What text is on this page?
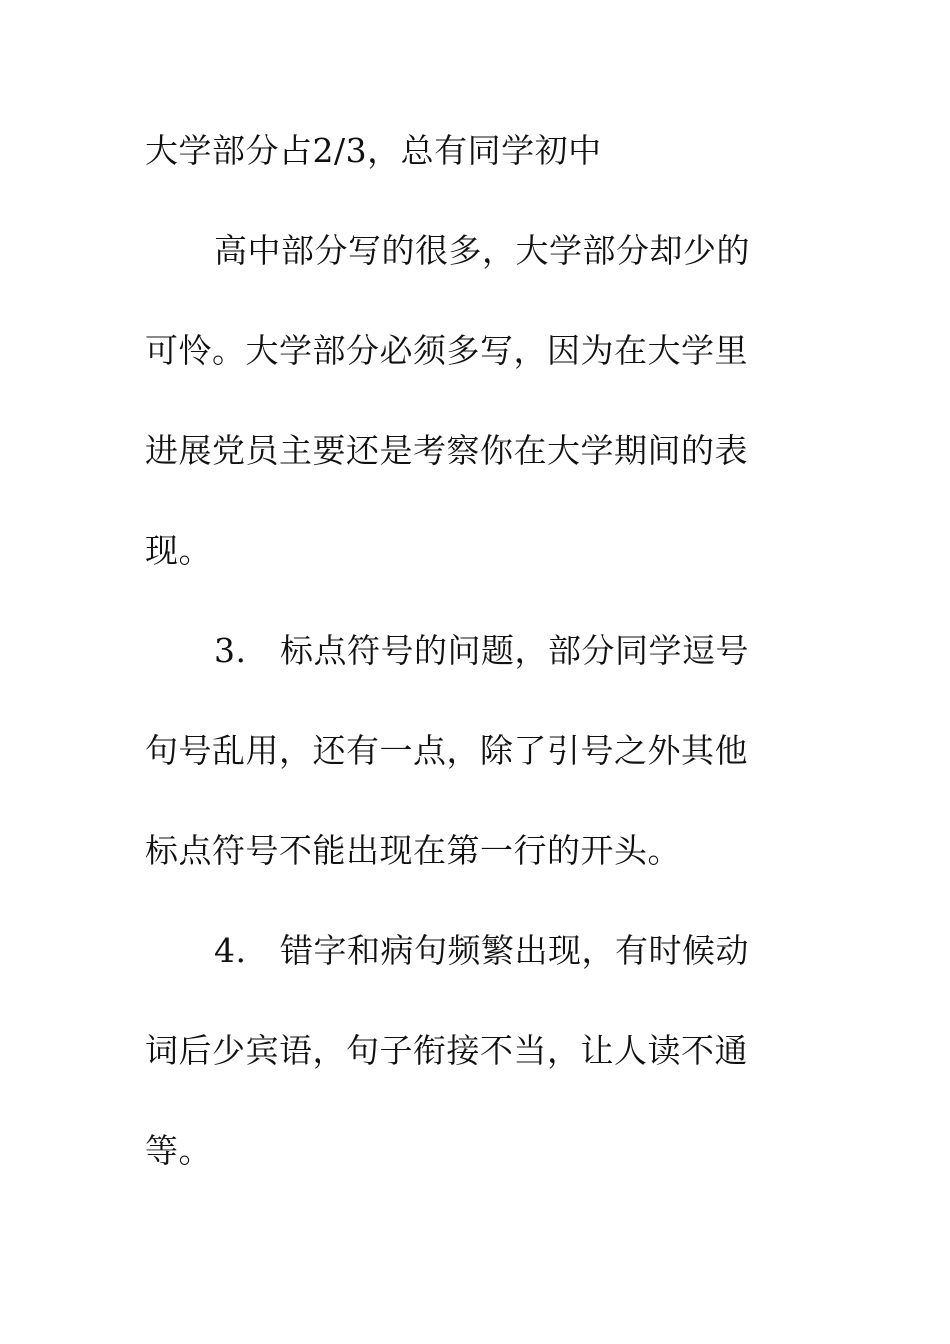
大学部分占2/3，总有同学初中
高中部分写的很多，大学部分却少的
可怜。大学部分必须多写，因为在大学里
进展党员主要还是考察你在大学期间的表
现。
3.　标点符号的问题，部分同学逗号
句号乱用，还有一点，除了引号之外其他
标点符号不能出现在第一行的开头。
4.　错字和病句频繁出现，有时候动
词后少宾语，句子衔接不当，让人读不通
等。
